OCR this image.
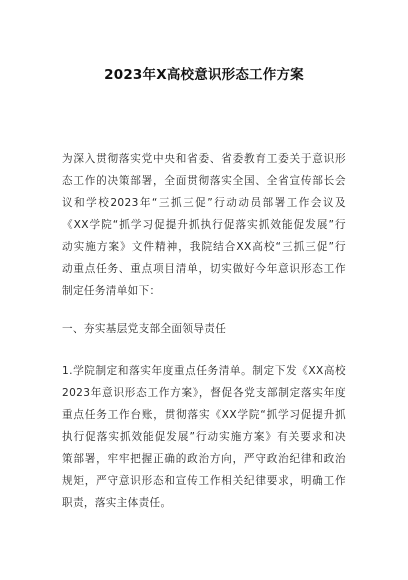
2023年X高校意识形态工作方案
为深入贯彻落实党中央和省委、省委教育工委关于意识形
态工作的决策部署，全面贯彻落实全国、全省宣传部长会
议和学校2023年“三抓三促”行动动员部署工作会议及
《XX学院“抓学习促提升抓执行促落实抓效能促发展”行
动实施方案》文件精神，我院结合XX高校“三抓三促”行
动重点任务、重点项目清单，切实做好今年意识形态工作
制定任务清单如下：
一、夯实基层党支部全面领导责任
1.学院制定和落实年度重点任务清单。制定下发《XX高校
2023年意识形态工作方案》，督促各党支部制定落实年度
重点任务工作台账，贯彻落实《XX学院“抓学习促提升抓
执行促落实抓效能促发展”行动实施方案》有关要求和决
策部署，牢牢把握正确的政治方向，严守政治纪律和政治
规矩，严守意识形态和宣传工作相关纪律要求，明确工作
职责，落实主体责任。
